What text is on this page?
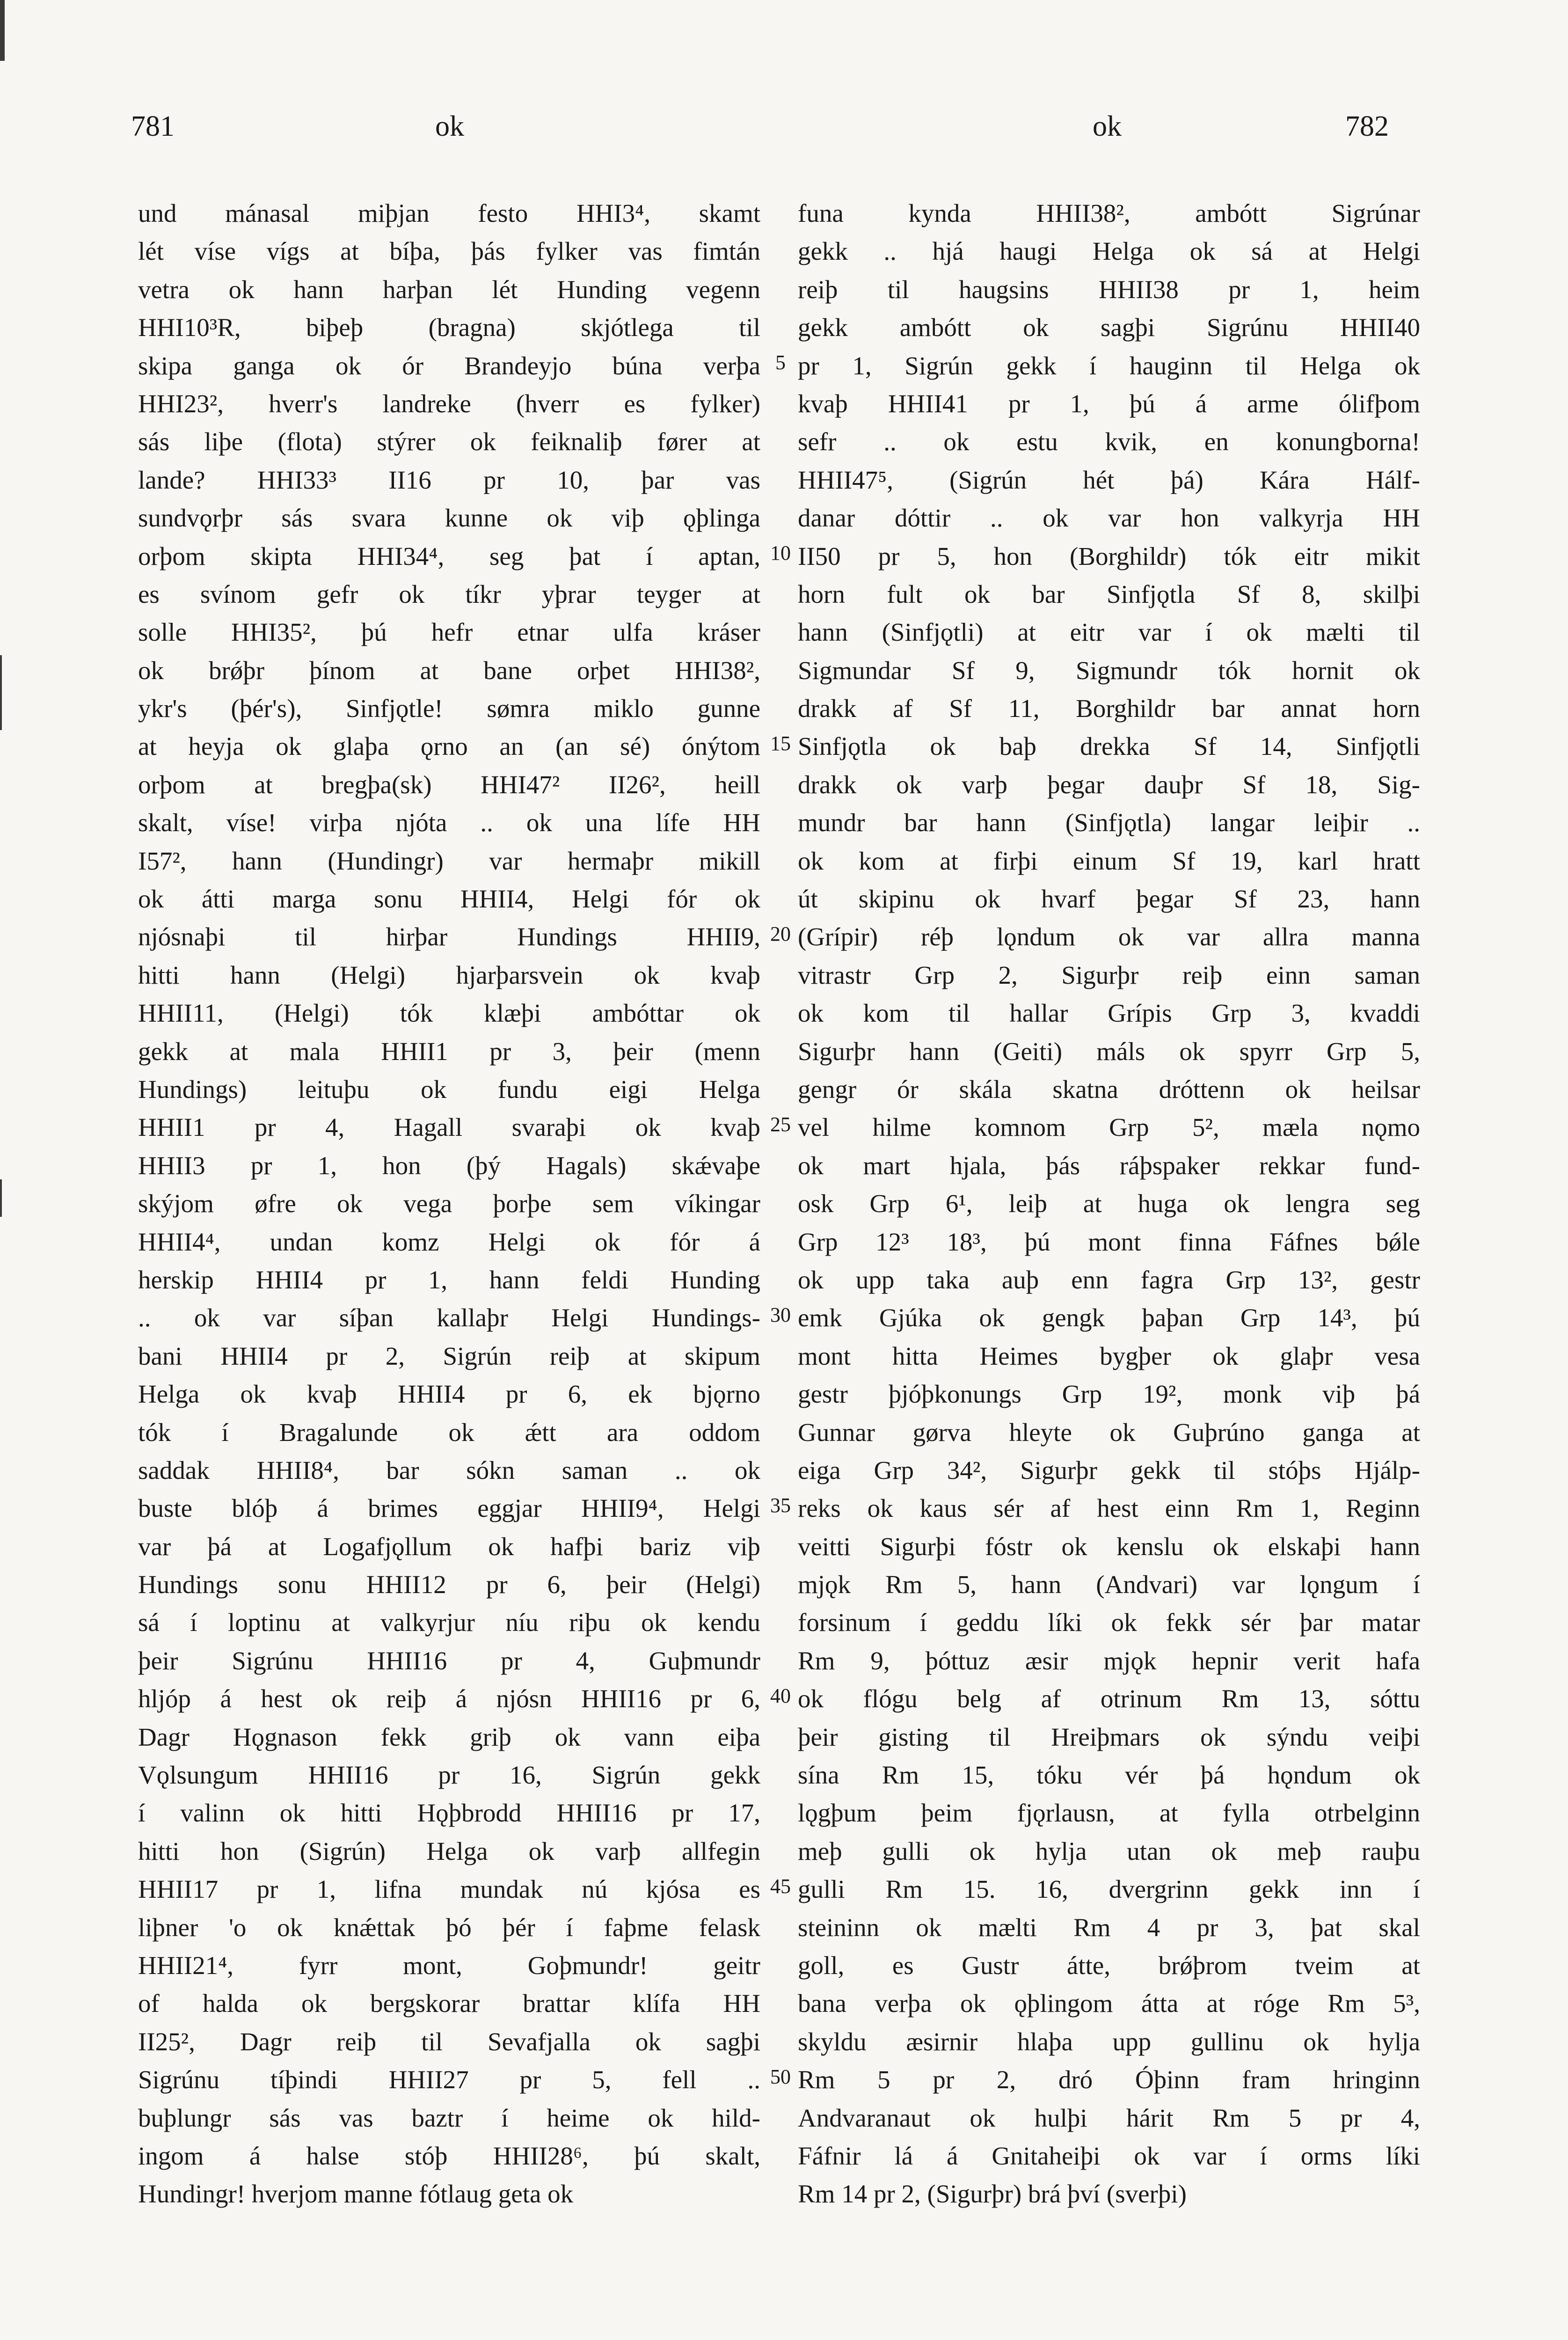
781	ok	ok	782
und mánasal miþjan festo HHI3⁴, skamt
lét víse vígs at bíþa, þás fylker vas fimtán
vetra ok hann harþan lét Hunding vegenn
HHI10³R, biþeþ (bragna) skjótlega til
skipa ganga ok ór Brandeyjo búna verþa
HHI23², hverr's landreke (hverr es fylker)
sás liþe (flota) stýrer ok feiknaliþ fører at
lande? HHI33³ II16 pr 10, þar vas
sundvǫrþr sás svara kunne ok viþ ǫþlinga
orþom skipta HHI34⁴, seg þat í aptan,
es svínom gefr ok tíkr yþrar teyger at
solle HHI35², þú hefr etnar ulfa kráser
ok brǿþr þínom at bane orþet HHI38²,
ykr's (þér's), Sinfjǫtle! sømra miklo gunne
at heyja ok glaþa ǫrno an (an sé) ónýtom
orþom at bregþa(sk) HHI47² II26², heill
skalt, víse! virþa njóta .. ok una lífe HH
I57², hann (Hundingr) var hermaþr mikill
ok átti marga sonu HHII4, Helgi fór ok
njósnaþi til hirþar Hundings HHII9,
hitti hann (Helgi) hjarþarsvein ok kvaþ
HHII11, (Helgi) tók klæþi ambóttar ok
gekk at mala HHII1 pr 3, þeir (menn
Hundings) leituþu ok fundu eigi Helga
HHII1 pr 4, Hagall svaraþi ok kvaþ
HHII3 pr 1, hon (þý Hagals) skǽvaþe
skýjom øfre ok vega þorþe sem víkingar
HHII4⁴, undan komz Helgi ok fór á
herskip HHII4 pr 1, hann feldi Hunding
.. ok var síþan kallaþr Helgi Hundings-
bani HHII4 pr 2, Sigrún reiþ at skipum
Helga ok kvaþ HHII4 pr 6, ek bjǫrno
tók í Bragalunde ok ǽtt ara oddom
saddak HHII8⁴, bar sókn saman .. ok
buste blóþ á brimes eggjar HHII9⁴, Helgi
var þá at Logafjǫllum ok hafþi bariz viþ
Hundings sonu HHII12 pr 6, þeir (Helgi)
sá í loptinu at valkyrjur níu riþu ok kendu
þeir Sigrúnu HHII16 pr 4, Guþmundr
hljóp á hest ok reiþ á njósn HHII16 pr 6,
Dagr Hǫgnason fekk griþ ok vann eiþa
Vǫlsungum HHII16 pr 16, Sigrún gekk
í valinn ok hitti Hǫþbrodd HHII16 pr 17,
hitti hon (Sigrún) Helga ok varþ allfegin
HHII17 pr 1, lifna mundak nú kjósa es
liþner 'o ok knǽttak þó þér í faþme felask
HHII21⁴, fyrr mont, Goþmundr! geitr
of halda ok bergskorar brattar klífa HH
II25², Dagr reiþ til Sevafjalla ok sagþi
Sigrúnu tíþindi HHII27 pr 5, fell ..
buþlungr sás vas baztr í heime ok hild-
ingom á halse stóþ HHII28⁶, þú skalt,
Hundingr! hverjom manne fótlaug geta ok
funa kynda HHII38², ambótt Sigrúnar
gekk .. hjá haugi Helga ok sá at Helgi
reiþ til haugsins HHII38 pr 1, heim
gekk ambótt ok sagþi Sigrúnu HHII40
pr 1, Sigrún gekk í hauginn til Helga ok
kvaþ HHII41 pr 1, þú á arme ólifþom
sefr .. ok estu kvik, en konungborna!
HHII47⁵, (Sigrún hét þá) Kára Hálf-
danar dóttir .. ok var hon valkyrja HH
II50 pr 5, hon (Borghildr) tók eitr mikit
horn fult ok bar Sinfjǫtla Sf 8, skilþi
hann (Sinfjǫtli) at eitr var í ok mælti til
Sigmundar Sf 9, Sigmundr tók hornit ok
drakk af Sf 11, Borghildr bar annat horn
Sinfjǫtla ok baþ drekka Sf 14, Sinfjǫtli
drakk ok varþ þegar dauþr Sf 18, Sig-
mundr bar hann (Sinfjǫtla) langar leiþir ..
ok kom at firþi einum Sf 19, karl hratt
út skipinu ok hvarf þegar Sf 23, hann
(Grípir) réþ lǫndum ok var allra manna
vitrastr Grp 2, Sigurþr reiþ einn saman
ok kom til hallar Grípis Grp 3, kvaddi
Sigurþr hann (Geiti) máls ok spyrr Grp 5,
gengr ór skála skatna dróttenn ok heilsar
vel hilme komnom Grp 5², mæla nǫmo
ok mart hjala, þás ráþspaker rekkar fund-
osk Grp 6¹, leiþ at huga ok lengra seg
Grp 12³ 18³, þú mont finna Fáfnes bǿle
ok upp taka auþ enn fagra Grp 13², gestr
emk Gjúka ok gengk þaþan Grp 14³, þú
mont hitta Heimes bygþer ok glaþr vesa
gestr þjóþkonungs Grp 19², monk viþ þá
Gunnar gørva hleyte ok Guþrúno ganga at
eiga Grp 34², Sigurþr gekk til stóþs Hjálp-
reks ok kaus sér af hest einn Rm 1, Reginn
veitti Sigurþi fóstr ok kenslu ok elskaþi hann
mjǫk Rm 5, hann (Andvari) var lǫngum í
forsinum í geddu líki ok fekk sér þar matar
Rm 9, þóttuz æsir mjǫk hepnir verit hafa
ok flógu belg af otrinum Rm 13, sóttu
þeir gisting til Hreiþmars ok sýndu veiþi
sína Rm 15, tóku vér þá hǫndum ok
lǫgþum þeim fjǫrlausn, at fylla otrbelginn
meþ gulli ok hylja utan ok meþ rauþu
gulli Rm 15. 16, dvergrinn gekk inn í
steininn ok mælti Rm 4 pr 3, þat skal
goll, es Gustr átte, brǿþrom tveim at
bana verþa ok ǫþlingom átta at róge Rm 5³,
skyldu æsirnir hlaþa upp gullinu ok hylja
Rm 5 pr 2, dró Óþinn fram hringinn
Andvaranaut ok hulþi hárit Rm 5 pr 4,
Fáfnir lá á Gnitaheiþi ok var í orms líki
Rm 14 pr 2, (Sigurþr) brá því (sverþi)
5
10
15
20
25
30
35
40
45
50
